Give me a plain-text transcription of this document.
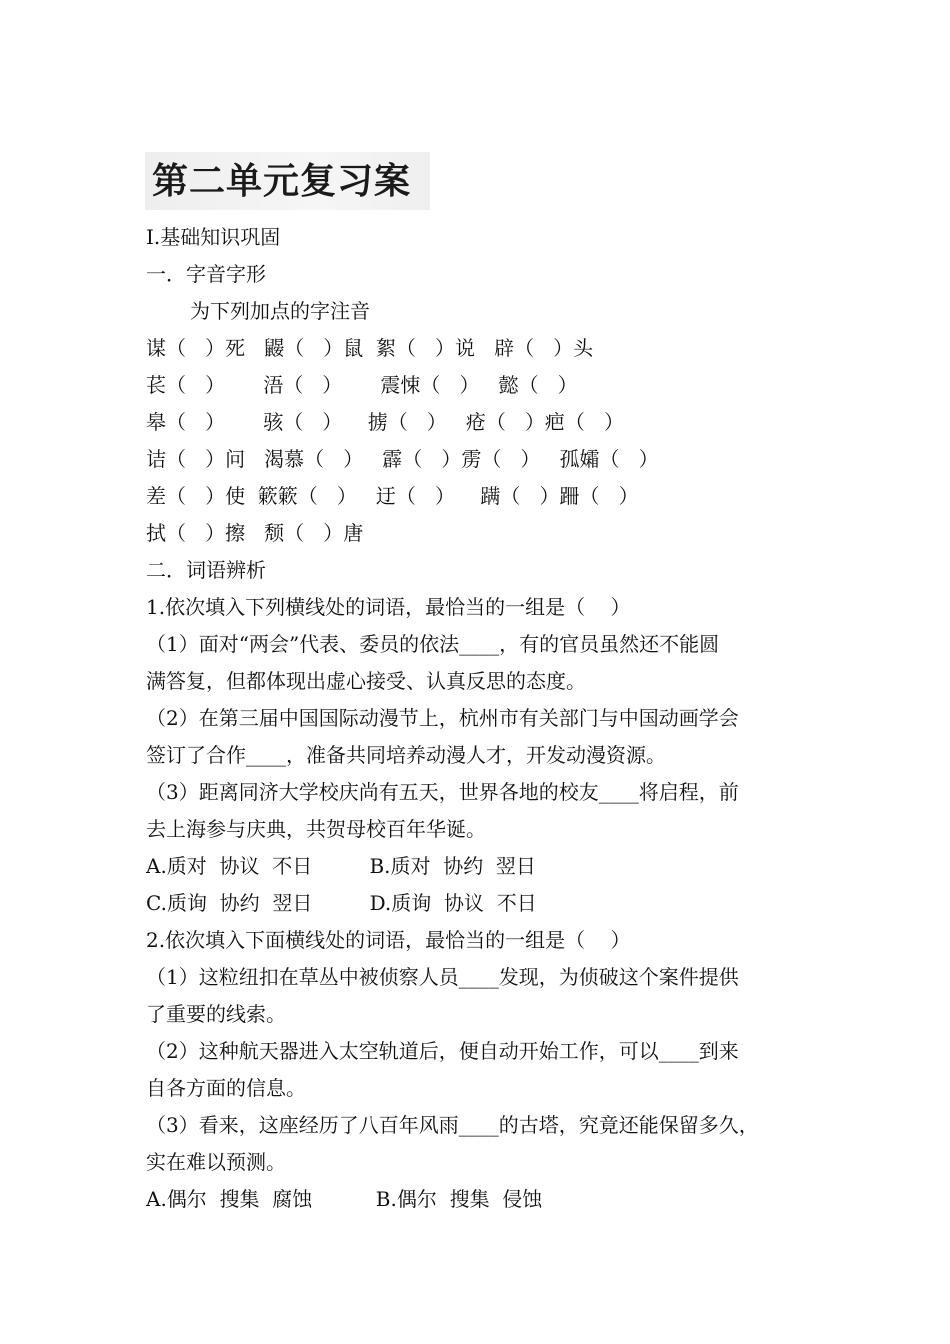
第二单元复习案
Ⅰ.基础知识巩固
一．字音字形
为下列加点的字注音
谋（   ）死   鼹（   ）鼠  絮（   ）说   辟（   ）头
苌（   ）      浯（   ）      震悚（   ）   懿（   ）
皋（   ）      骇（   ）    掳（   ）   疮（   ）疤（   ）
诘（   ）问   渴慕（   ）   霹（   ）雳（   ）   孤孀（   ）
差（   ）使  簌簌（   ）   迂（   ）    蹒（   ）跚（   ）
拭（   ）擦   颓（   ）唐
二．词语辨析
1.依次填入下列横线处的词语，最恰当的一组是（    ）
（1）面对“两会”代表、委员的依法____，有的官员虽然还不能圆
满答复，但都体现出虚心接受、认真反思的态度。
（2）在第三届中国国际动漫节上，杭州市有关部门与中国动画学会
签订了合作____，准备共同培养动漫人才，开发动漫资源。
（3）距离同济大学校庆尚有五天，世界各地的校友____将启程，前
去上海参与庆典，共贺母校百年华诞。
A.质对  协议  不日         B.质对  协约  翌日
C.质询  协约  翌日         D.质询  协议  不日
2.依次填入下面横线处的词语，最恰当的一组是（    ）
（1）这粒纽扣在草丛中被侦察人员____发现，为侦破这个案件提供
了重要的线索。
（2）这种航天器进入太空轨道后，便自动开始工作，可以____到来
自各方面的信息。
（3）看来，这座经历了八百年风雨____的古塔，究竟还能保留多久，
实在难以预测。
A.偶尔  搜集  腐蚀          B.偶尔  搜集  侵蚀
